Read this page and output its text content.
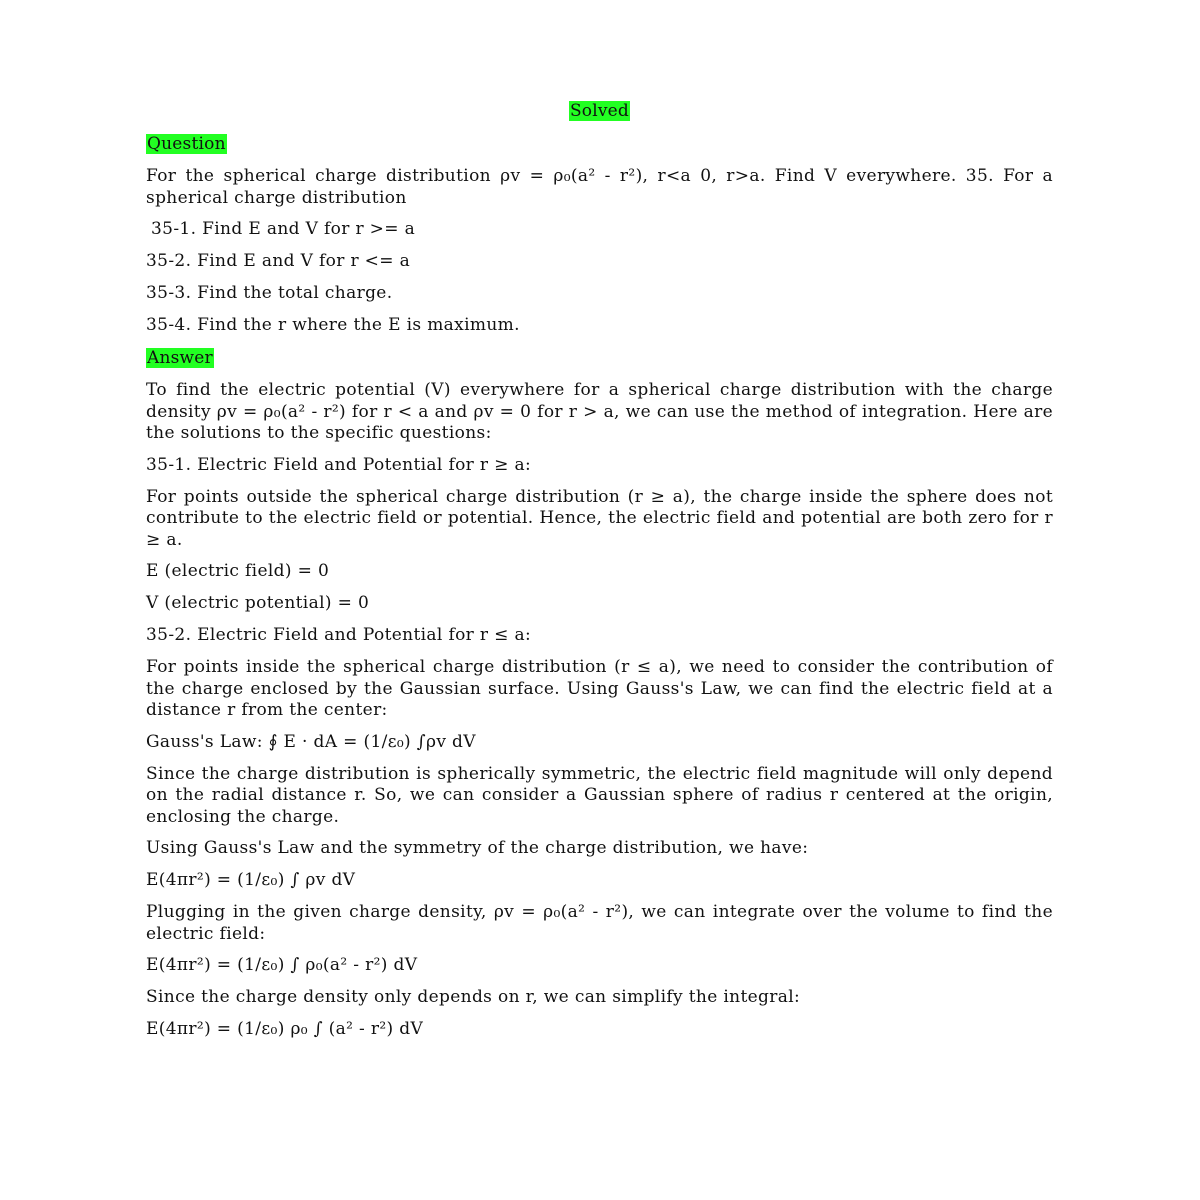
Solved
Question

For the spherical charge distribution ρv = ρ₀(a² - r²), r<a 0, r>a. Find V everywhere. 35. For a spherical charge distribution

35-1. Find E and V for r >= a

35-2. Find E and V for r <= a

35-3. Find the total charge.

35-4. Find the r where the E is maximum.

Answer

To find the electric potential (V) everywhere for a spherical charge distribution with the charge density ρv = ρ₀(a² - r²) for r < a and ρv = 0 for r > a, we can use the method of integration. Here are the solutions to the specific questions:

35-1. Electric Field and Potential for r ≥ a:

For points outside the spherical charge distribution (r ≥ a), the charge inside the sphere does not contribute to the electric field or potential. Hence, the electric field and potential are both zero for r ≥ a.

E (electric field) = 0

V (electric potential) = 0

35-2. Electric Field and Potential for r ≤ a:

For points inside the spherical charge distribution (r ≤ a), we need to consider the contribution of the charge enclosed by the Gaussian surface. Using Gauss's Law, we can find the electric field at a distance r from the center:

Gauss's Law: ∮ E · dA = (1/ε₀) ∫ρv dV

Since the charge distribution is spherically symmetric, the electric field magnitude will only depend on the radial distance r. So, we can consider a Gaussian sphere of radius r centered at the origin, enclosing the charge.

Using Gauss's Law and the symmetry of the charge distribution, we have:

E(4πr²) = (1/ε₀) ∫ ρv dV

Plugging in the given charge density, ρv = ρ₀(a² - r²), we can integrate over the volume to find the electric field:

E(4πr²) = (1/ε₀) ∫ ρ₀(a² - r²) dV

Since the charge density only depends on r, we can simplify the integral:

E(4πr²) = (1/ε₀) ρ₀ ∫ (a² - r²) dV
